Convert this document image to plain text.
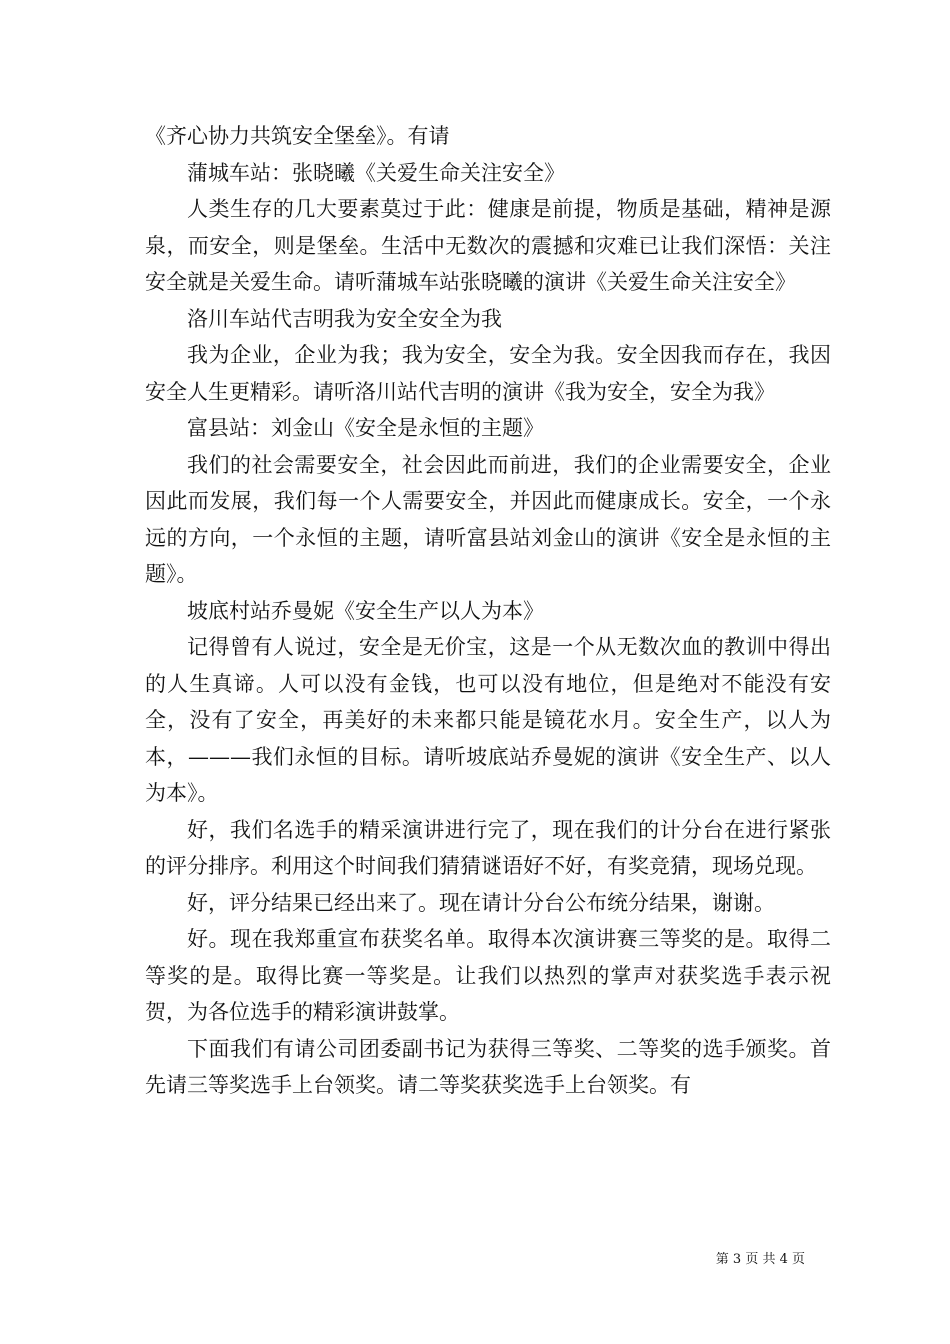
《齐心协力共筑安全堡垒》。有请

蒲城车站：张晓曦《关爱生命关注安全》

人类生存的几大要素莫过于此：健康是前提，物质是基础，精神是源泉，而安全，则是堡垒。生活中无数次的震撼和灾难已让我们深悟：关注安全就是关爱生命。请听蒲城车站张晓曦的演讲《关爱生命关注安全》

洛川车站代吉明我为安全安全为我

我为企业，企业为我；我为安全，安全为我。安全因我而存在，我因安全人生更精彩。请听洛川站代吉明的演讲《我为安全，安全为我》

富县站：刘金山《安全是永恒的主题》

我们的社会需要安全，社会因此而前进，我们的企业需要安全，企业因此而发展，我们每一个人需要安全，并因此而健康成长。安全，一个永远的方向，一个永恒的主题，请听富县站刘金山的演讲《安全是永恒的主题》。

坡底村站乔曼妮《安全生产以人为本》

记得曾有人说过，安全是无价宝，这是一个从无数次血的教训中得出的人生真谛。人可以没有金钱，也可以没有地位，但是绝对不能没有安全，没有了安全，再美好的未来都只能是镜花水月。安全生产，以人为本，———我们永恒的目标。请听坡底站乔曼妮的演讲《安全生产、以人为本》。

好，我们名选手的精采演讲进行完了，现在我们的计分台在进行紧张的评分排序。利用这个时间我们猜猜谜语好不好，有奖竞猜，现场兑现。

好，评分结果已经出来了。现在请计分台公布统分结果，谢谢。

好。现在我郑重宣布获奖名单。取得本次演讲赛三等奖的是。取得二等奖的是。取得比赛一等奖是。让我们以热烈的掌声对获奖选手表示祝贺，为各位选手的精彩演讲鼓掌。

下面我们有请公司团委副书记为获得三等奖、二等奖的选手颁奖。首先请三等奖选手上台领奖。请二等奖获奖选手上台领奖。有

第 3 页 共 4 页
